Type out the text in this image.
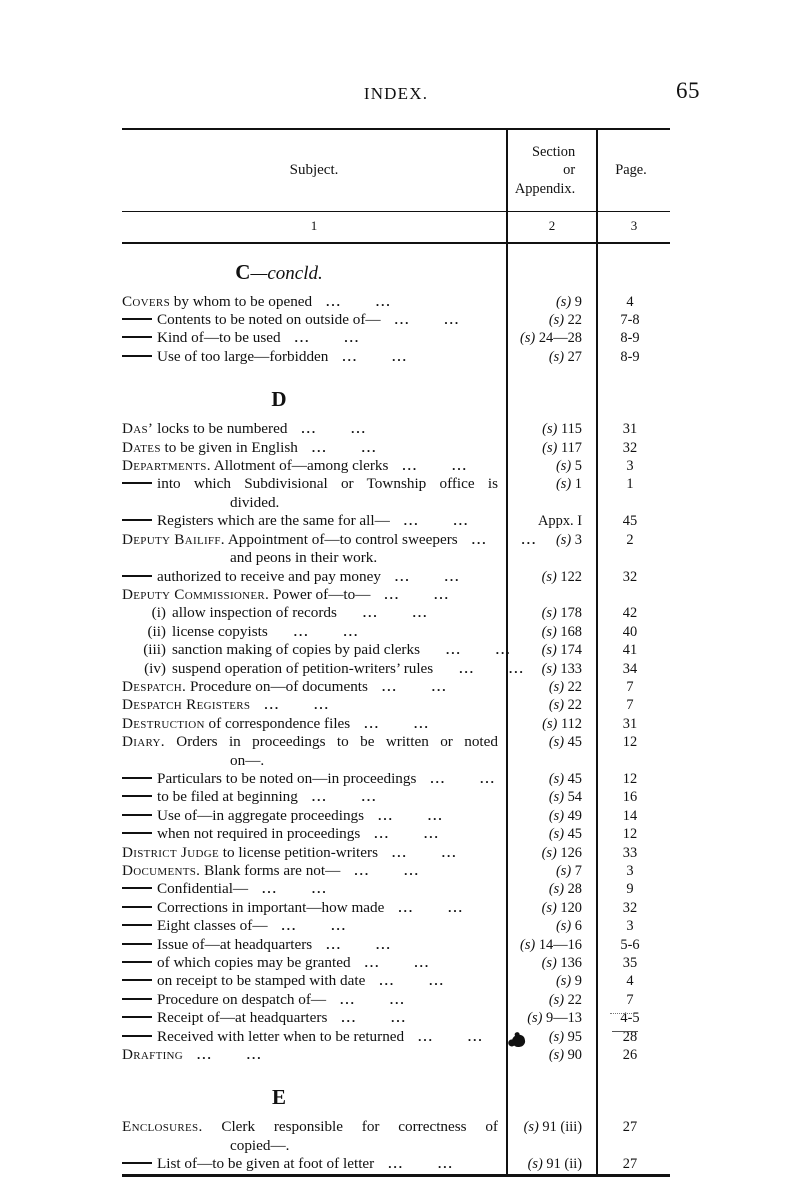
INDEX.	65
Subject.
Section
or
Appendix.
Page.
1	2	3
C—concld.
Covers by whom to be opened ...	...	(s) 9	4
Contents to be noted on outside of— ...	...	(s) 22	7-8
Kind of—to be used ...	...	(s) 24—28	8-9
Use of too large—forbidden ...	...	(s) 27	8-9
D
Das’ locks to be numbered ...	...	(s) 115	31
Dates to be given in English ...	...	(s) 117	32
Departments. Allotment of—among clerks ...	...	(s) 5	3
into which Subdivisional or Township office is	(s) 1	1
divided.
Registers which are the same for all— ...	...	Appx. I	45
Deputy Bailiff. Appointment of—to control sweepers ...	...	(s) 3	2
and peons in their work.
authorized to receive and pay money ...	...	(s) 122	32
Deputy Commissioner. Power of—to— ...	...
(i) allow inspection of records ...	...	(s) 178	42
(ii) license copyists ...	...	(s) 168	40
(iii) sanction making of copies by paid clerks ...	...	(s) 174	41
(iv) suspend operation of petition-writers’ rules ...	...	(s) 133	34
Despatch. Procedure on—of documents ...	...	(s) 22	7
Despatch Registers ...	...	(s) 22	7
Destruction of correspondence files ...	...	(s) 112	31
Diary. Orders in proceedings to be written or noted	(s) 45	12
on—.
Particulars to be noted on—in proceedings ...	...	(s) 45	12
to be filed at beginning ...	...	(s) 54	16
Use of—in aggregate proceedings ...	...	(s) 49	14
when not required in proceedings ...	...	(s) 45	12
District Judge to license petition-writers ...	...	(s) 126	33
Documents. Blank forms are not— ...	...	(s) 7	3
Confidential— ...	...	(s) 28	9
Corrections in important—how made ...	...	(s) 120	32
Eight classes of— ...	...	(s) 6	3
Issue of—at headquarters ...	...	(s) 14—16	5-6
of which copies may be granted ...	...	(s) 136	35
on receipt to be stamped with date ...	...	(s) 9	4
Procedure on despatch of— ...	...	(s) 22	7
Receipt of—at headquarters ...	...	(s) 9—13	4-5
Received with letter when to be returned ...	...	(s) 95	28
Drafting ...	...	(s) 90	26
E
Enclosures. Clerk responsible for correctness of	(s) 91 (iii)	27
copied—.
List of—to be given at foot of letter ...	...	(s) 91 (ii)	27
